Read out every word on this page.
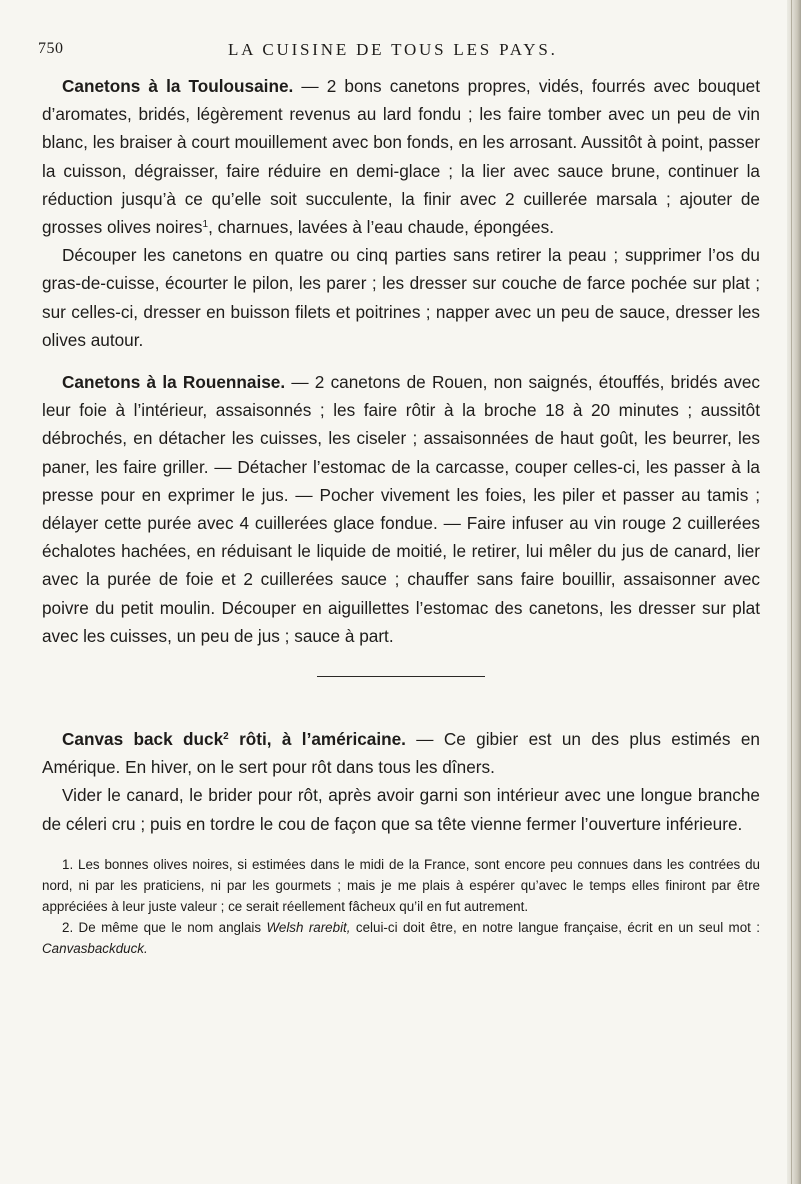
750	LA CUISINE DE TOUS LES PAYS.

Canetons à la Toulousaine. — 2 bons canetons propres, vidés, fourrés avec bouquet d’aromates, bridés, légèrement revenus au lard fondu ; les faire tomber avec un peu de vin blanc, les braiser à court mouillement avec bon fonds, en les arrosant. Aussitôt à point, passer la cuisson, dégraisser, faire réduire en demi-glace ; la lier avec sauce brune, continuer la réduction jusqu’à ce qu’elle soit succulente, la finir avec 2 cuillerée marsala ; ajouter de grosses olives noires$^1$, charnues, lavées à l’eau chaude, épongées.

Découper les canetons en quatre ou cinq parties sans retirer la peau ; supprimer l’os du gras-de-cuisse, écourter le pilon, les parer ; les dresser sur couche de farce pochée sur plat ; sur celles-ci, dresser en buisson filets et poitrines ; napper avec un peu de sauce, dresser les olives autour.

Canetons à la Rouennaise. — 2 canetons de Rouen, non saignés, étouffés, bridés avec leur foie à l’intérieur, assaisonnés ; les faire rôtir à la broche 18 à 20 minutes ; aussitôt débrochés, en détacher les cuisses, les ciseler ; assaisonnées de haut goût, les beurrer, les paner, les faire griller. — Détacher l’estomac de la carcasse, couper celles-ci, les passer à la presse pour en exprimer le jus. — Pocher vivement les foies, les piler et passer au tamis ; délayer cette purée avec 4 cuillerées glace fondue. — Faire infuser au vin rouge 2 cuillerées échalotes hachées, en réduisant le liquide de moitié, le retirer, lui mêler du jus de canard, lier avec la purée de foie et 2 cuillerées sauce ; chauffer sans faire bouillir, assaisonner avec poivre du petit moulin. Découper en aiguillettes l’estomac des canetons, les dresser sur plat avec les cuisses, un peu de jus ; sauce à part.

Canvas back duck$^2$ rôti, à l’américaine. — Ce gibier est un des plus estimés en Amérique. En hiver, on le sert pour rôt dans tous les dîners.

Vider le canard, le brider pour rôt, après avoir garni son intérieur avec une longue branche de céleri cru ; puis en tordre le cou de façon que sa tête vienne fermer l’ouverture inférieure.

1. Les bonnes olives noires, si estimées dans le midi de la France, sont encore peu connues dans les contrées du nord, ni par les praticiens, ni par les gourmets ; mais je me plais à espérer qu’avec le temps elles finiront par être appréciées à leur juste valeur ; ce serait réellement fâcheux qu’il en fut autrement.

2. De même que le nom anglais Welsh rarebit, celui-ci doit être, en notre langue française, écrit en un seul mot : Canvasbackduck.
